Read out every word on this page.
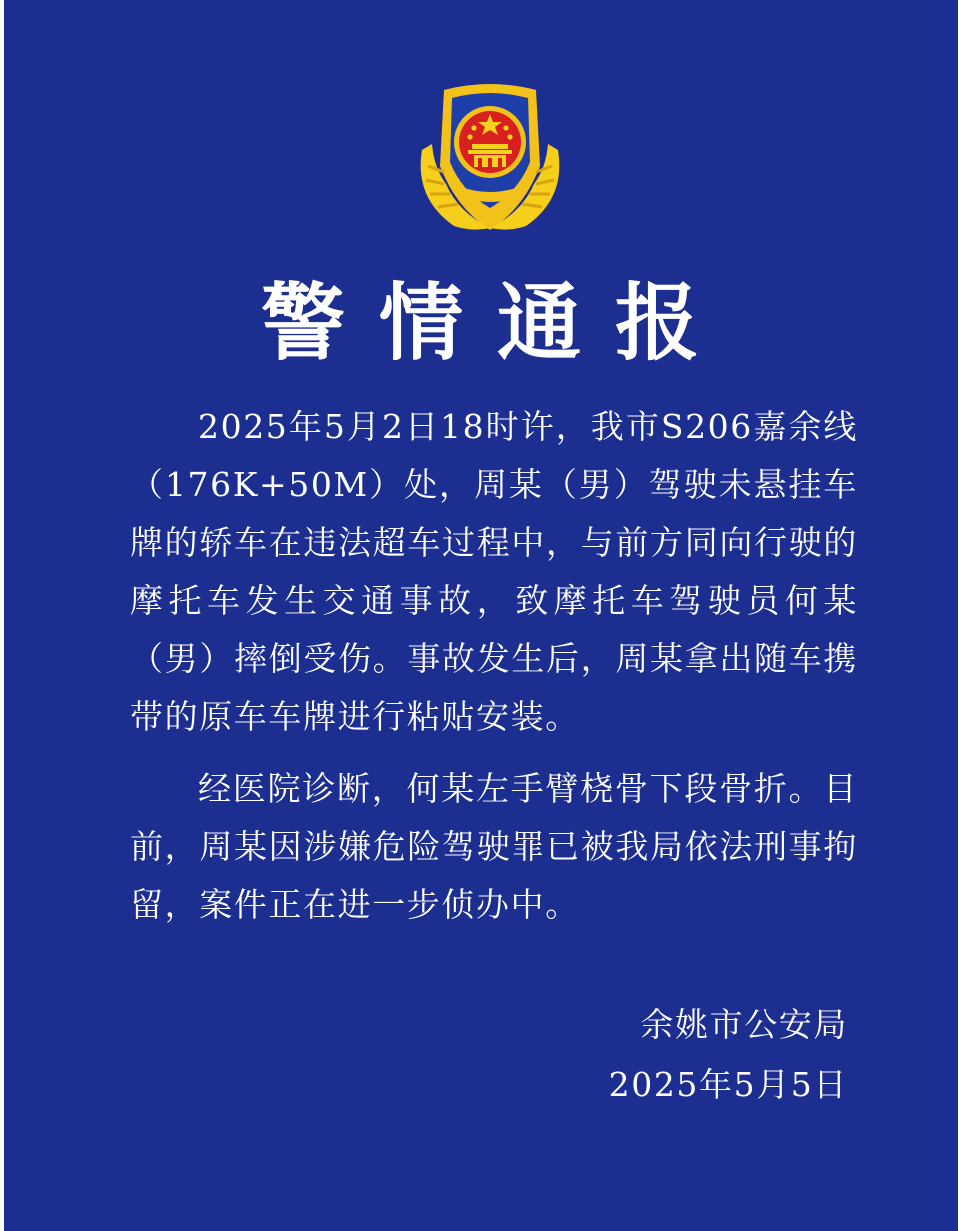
警情通报

2025年5月2日18时许，我市S206嘉余线（176K+50M）处，周某（男）驾驶未悬挂车牌的轿车在违法超车过程中，与前方同向行驶的摩托车发生交通事故，致摩托车驾驶员何某（男）摔倒受伤。事故发生后，周某拿出随车携带的原车车牌进行粘贴安装。

经医院诊断，何某左手臂桡骨下段骨折。目前，周某因涉嫌危险驾驶罪已被我局依法刑事拘留，案件正在进一步侦办中。

余姚市公安局
2025年5月5日
